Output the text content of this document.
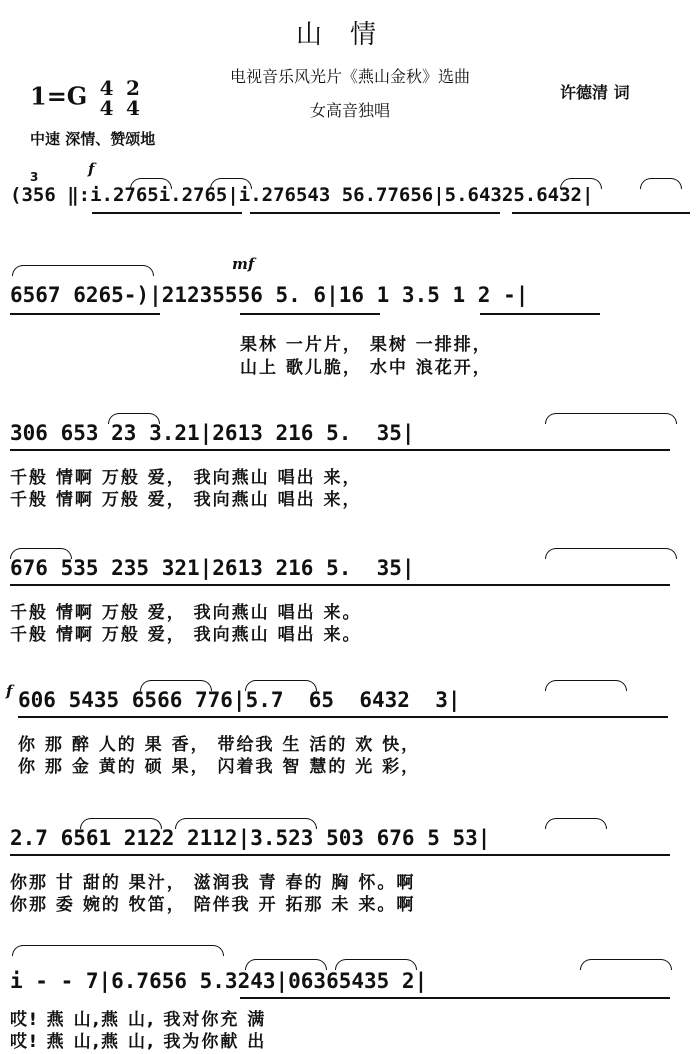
山情
1=G 4
4

2
4
电视音乐风光片《燕山金秋》选曲
女高音独唱
许德清 词
中速 深情、赞颂地
f
3
(356 ‖:i.2765i.2765|i.276543 56.77656|5.64325.6432|
mf
6567 6265-)|21235556 5. 6|16 1 3.5 1 2 -|
果林 一片片， 果树 一排排，
山上 歌儿脆， 水中 浪花开，
306 653 23 3.21|2613 216 5.  35|
千般 情啊 万般 爱， 我向燕山 唱出 来，
千般 情啊 万般 爱， 我向燕山 唱出 来，
676 535 235 321|2613 216 5.  35|
千般 情啊 万般 爱， 我向燕山 唱出 来。
千般 情啊 万般 爱， 我向燕山 唱出 来。
f 606 5435 6566 776|5.7  65  6432  3|
你 那 醉 人的 果 香， 带给我 生 活的 欢 快，
你 那 金 黄的 硕 果， 闪着我 智 慧的 光 彩，
2.7 6561 2122 2112|3.523 503 676 5 53|
你那 甘 甜的 果汁， 滋润我 青 春的 胸 怀。啊
你那 委 婉的 牧笛， 陪伴我 开 拓那 未 来。啊
i - - 7|6.7656 5.3243|06365435 2|
哎! 燕 山,燕 山, 我对你充 满
哎! 燕 山,燕 山, 我为你献 出
